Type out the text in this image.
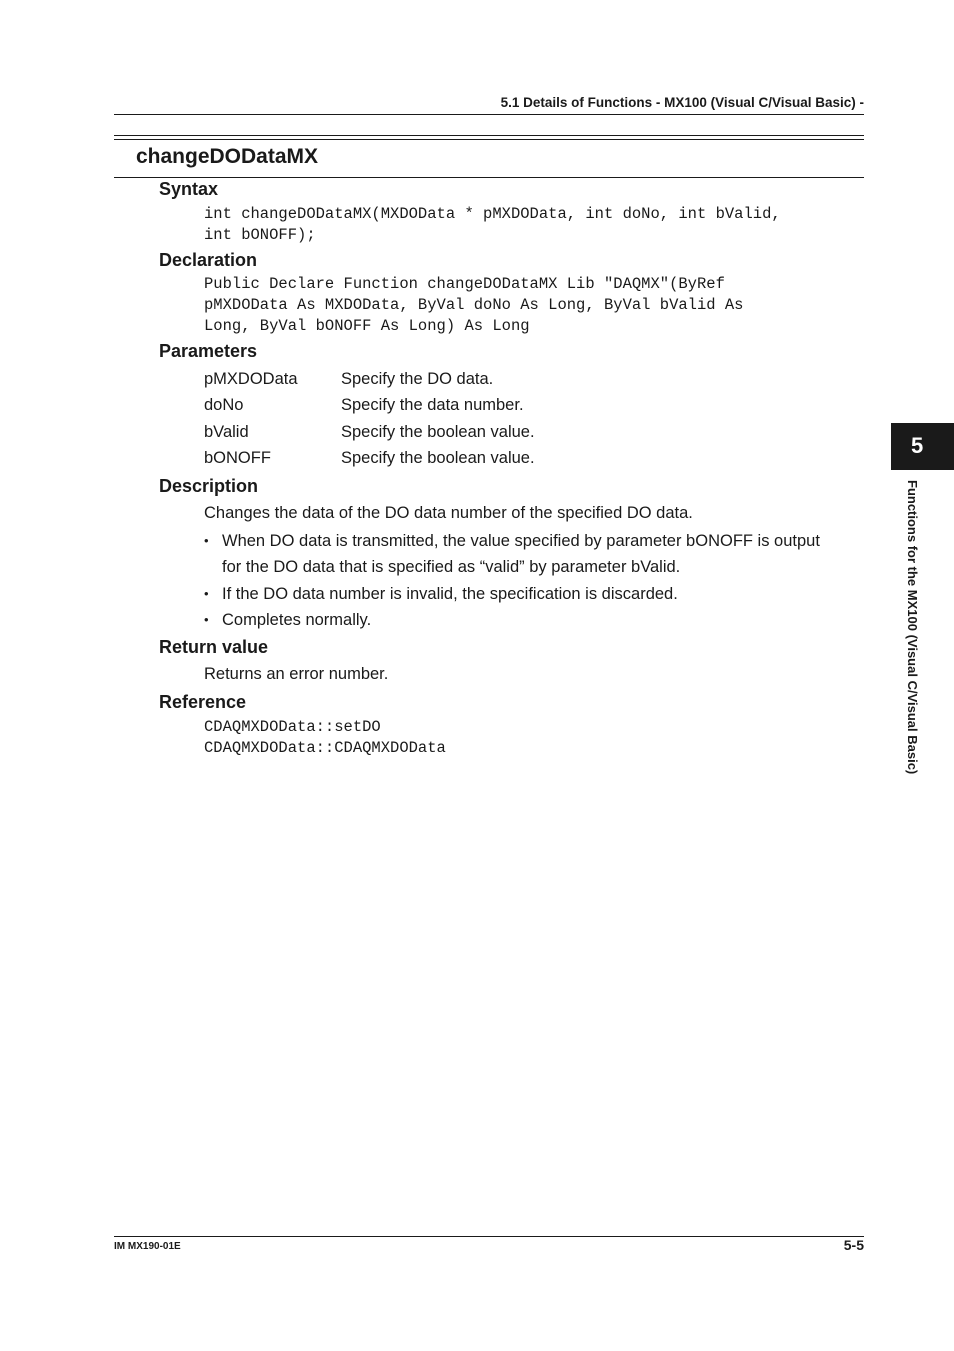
5.1 Details of Functions - MX100 (Visual C/Visual Basic) -
changeDODataMX
Syntax
int changeDODataMX(MXDOData * pMXDOData, int doNo, int bValid,
int bONOFF);
Declaration
Public Declare Function changeDODataMX Lib "DAQMX"(ByRef
pMXDOData As MXDOData, ByVal doNo As Long, ByVal bValid As
Long, ByVal bONOFF As Long) As Long
Parameters
pMXDOData	Specify the DO data.
doNo	Specify the data number.
bValid	Specify the boolean value.
bONOFF	Specify the boolean value.
Description
Changes the data of the DO data number of the specified DO data.
• When DO data is transmitted, the value specified by parameter bONOFF is output
for the DO data that is specified as “valid” by parameter bValid.
• If the DO data number is invalid, the specification is discarded.
• Completes normally.
Return value
Returns an error number.
Reference
CDAQMXDOData::setDO
CDAQMXDOData::CDAQMXDOData
5
Functions for the MX100 (Visual C/Visual Basic)
IM MX190-01E	5-5
